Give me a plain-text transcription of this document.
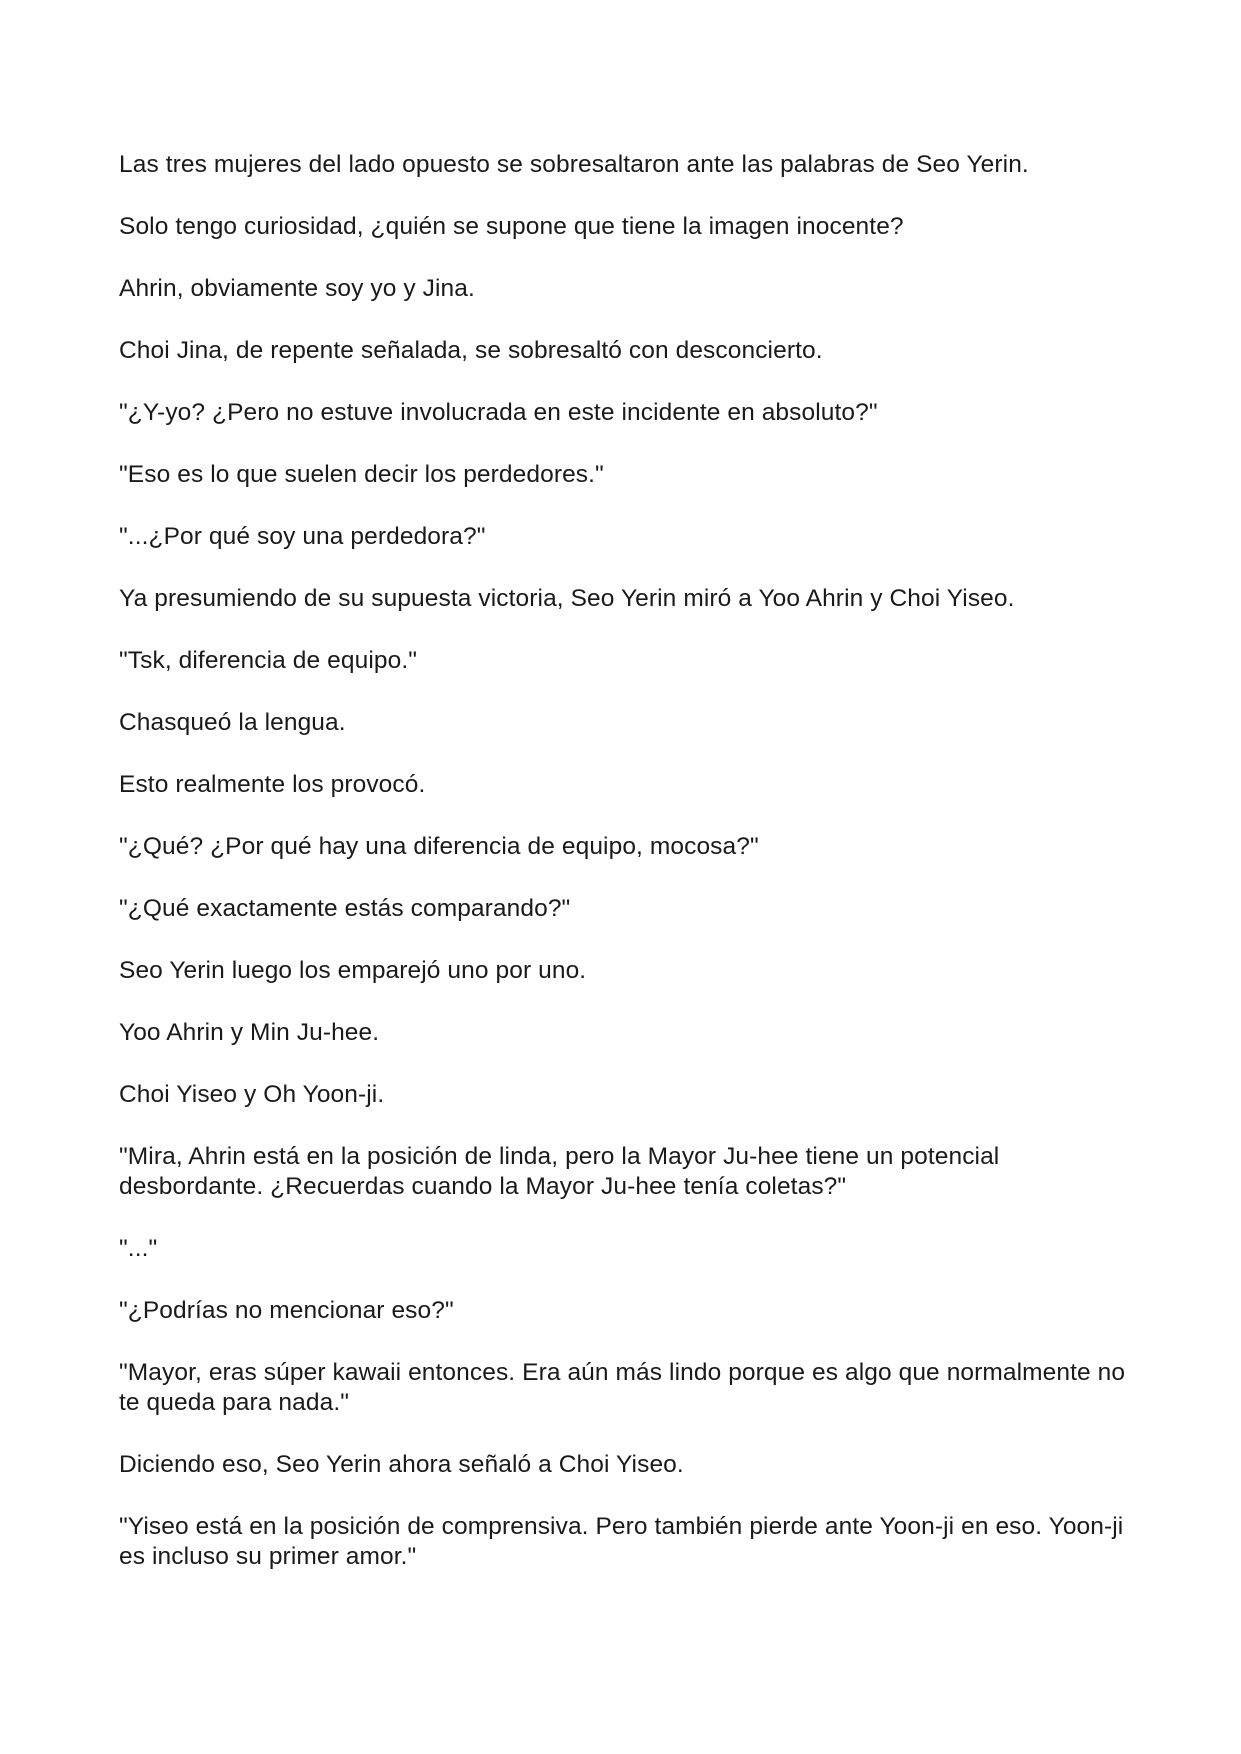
Las tres mujeres del lado opuesto se sobresaltaron ante las palabras de Seo Yerin.

Solo tengo curiosidad, ¿quién se supone que tiene la imagen inocente?

Ahrin, obviamente soy yo y Jina.

Choi Jina, de repente señalada, se sobresaltó con desconcierto.

"¿Y-yo? ¿Pero no estuve involucrada en este incidente en absoluto?"

"Eso es lo que suelen decir los perdedores."

"...¿Por qué soy una perdedora?"

Ya presumiendo de su supuesta victoria, Seo Yerin miró a Yoo Ahrin y Choi Yiseo.

"Tsk, diferencia de equipo."

Chasqueó la lengua.

Esto realmente los provocó.

"¿Qué? ¿Por qué hay una diferencia de equipo, mocosa?"

"¿Qué exactamente estás comparando?"

Seo Yerin luego los emparejó uno por uno.

Yoo Ahrin y Min Ju-hee.

Choi Yiseo y Oh Yoon-ji.

"Mira, Ahrin está en la posición de linda, pero la Mayor Ju-hee tiene un potencial desbordante. ¿Recuerdas cuando la Mayor Ju-hee tenía coletas?"

"..."

"¿Podrías no mencionar eso?"

"Mayor, eras súper kawaii entonces. Era aún más lindo porque es algo que normalmente no te queda para nada."

Diciendo eso, Seo Yerin ahora señaló a Choi Yiseo.

"Yiseo está en la posición de comprensiva. Pero también pierde ante Yoon-ji en eso. Yoon-ji es incluso su primer amor."
